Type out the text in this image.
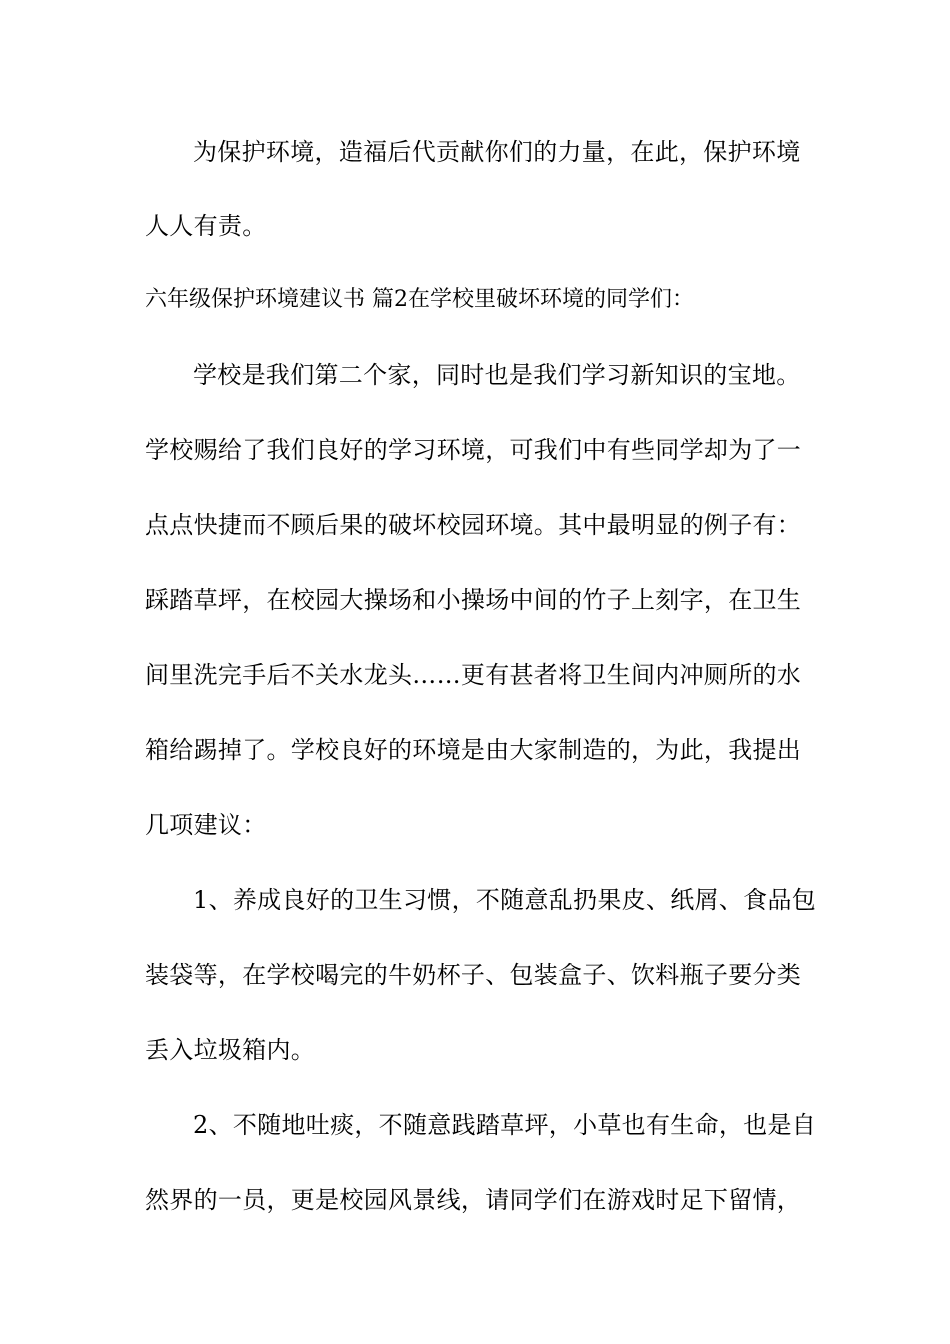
为保护环境，造福后代贡献你们的力量，在此，保护环境
人人有责。
六年级保护环境建议书 篇2在学校里破坏环境的同学们：
学校是我们第二个家，同时也是我们学习新知识的宝地。
学校赐给了我们良好的学习环境，可我们中有些同学却为了一
点点快捷而不顾后果的破坏校园环境。其中最明显的例子有：
踩踏草坪，在校园大操场和小操场中间的竹子上刻字，在卫生
间里洗完手后不关水龙头……更有甚者将卫生间内冲厕所的水
箱给踢掉了。学校良好的环境是由大家制造的，为此，我提出
几项建议：
1、养成良好的卫生习惯，不随意乱扔果皮、纸屑、食品包
装袋等，在学校喝完的牛奶杯子、包装盒子、饮料瓶子要分类
丢入垃圾箱内。
2、不随地吐痰，不随意践踏草坪，小草也有生命，也是自
然界的一员，更是校园风景线，请同学们在游戏时足下留情，
